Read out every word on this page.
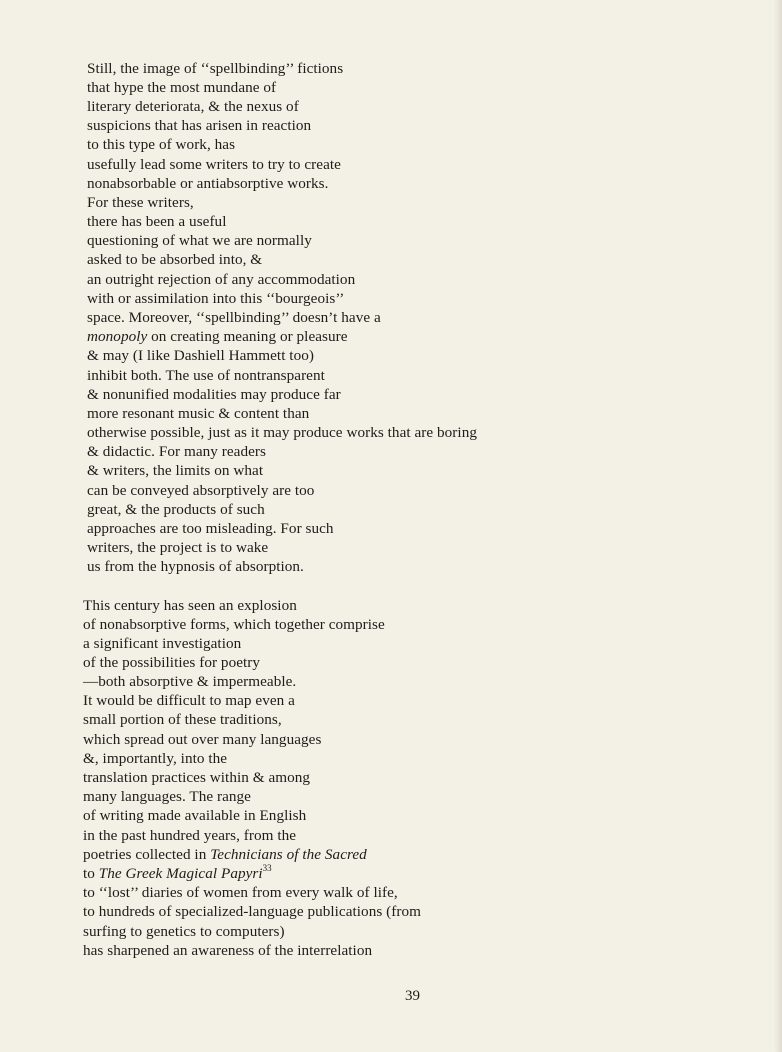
Still, the image of ‘‘spellbinding’’ fictions
that hype the most mundane of
literary deteriorata, & the nexus of
suspicions that has arisen in reaction
to this type of work, has
usefully lead some writers to try to create
nonabsorbable or antiabsorptive works.
For these writers,
there has been a useful
questioning of what we are normally
asked to be absorbed into, &
an outright rejection of any accommodation
with or assimilation into this ‘‘bourgeois’’
space. Moreover, ‘‘spellbinding’’ doesn’t have a
monopoly on creating meaning or pleasure
& may (I like Dashiell Hammett too)
inhibit both. The use of nontransparent
& nonunified modalities may produce far
more resonant music & content than
otherwise possible, just as it may produce works that are boring
& didactic. For many readers
& writers, the limits on what
can be conveyed absorptively are too
great, & the products of such
approaches are too misleading. For such
writers, the project is to wake
us from the hypnosis of absorption.
This century has seen an explosion
of nonabsorptive forms, which together comprise
a significant investigation
of the possibilities for poetry
—both absorptive & impermeable.
It would be difficult to map even a
small portion of these traditions,
which spread out over many languages
&, importantly, into the
translation practices within & among
many languages. The range
of writing made available in English
in the past hundred years, from the
poetries collected in Technicians of the Sacred
to The Greek Magical Papyri$^{33}$
to ‘‘lost’’ diaries of women from every walk of life,
to hundreds of specialized-language publications (from
surfing to genetics to computers)
has sharpened an awareness of the interrelation
39
